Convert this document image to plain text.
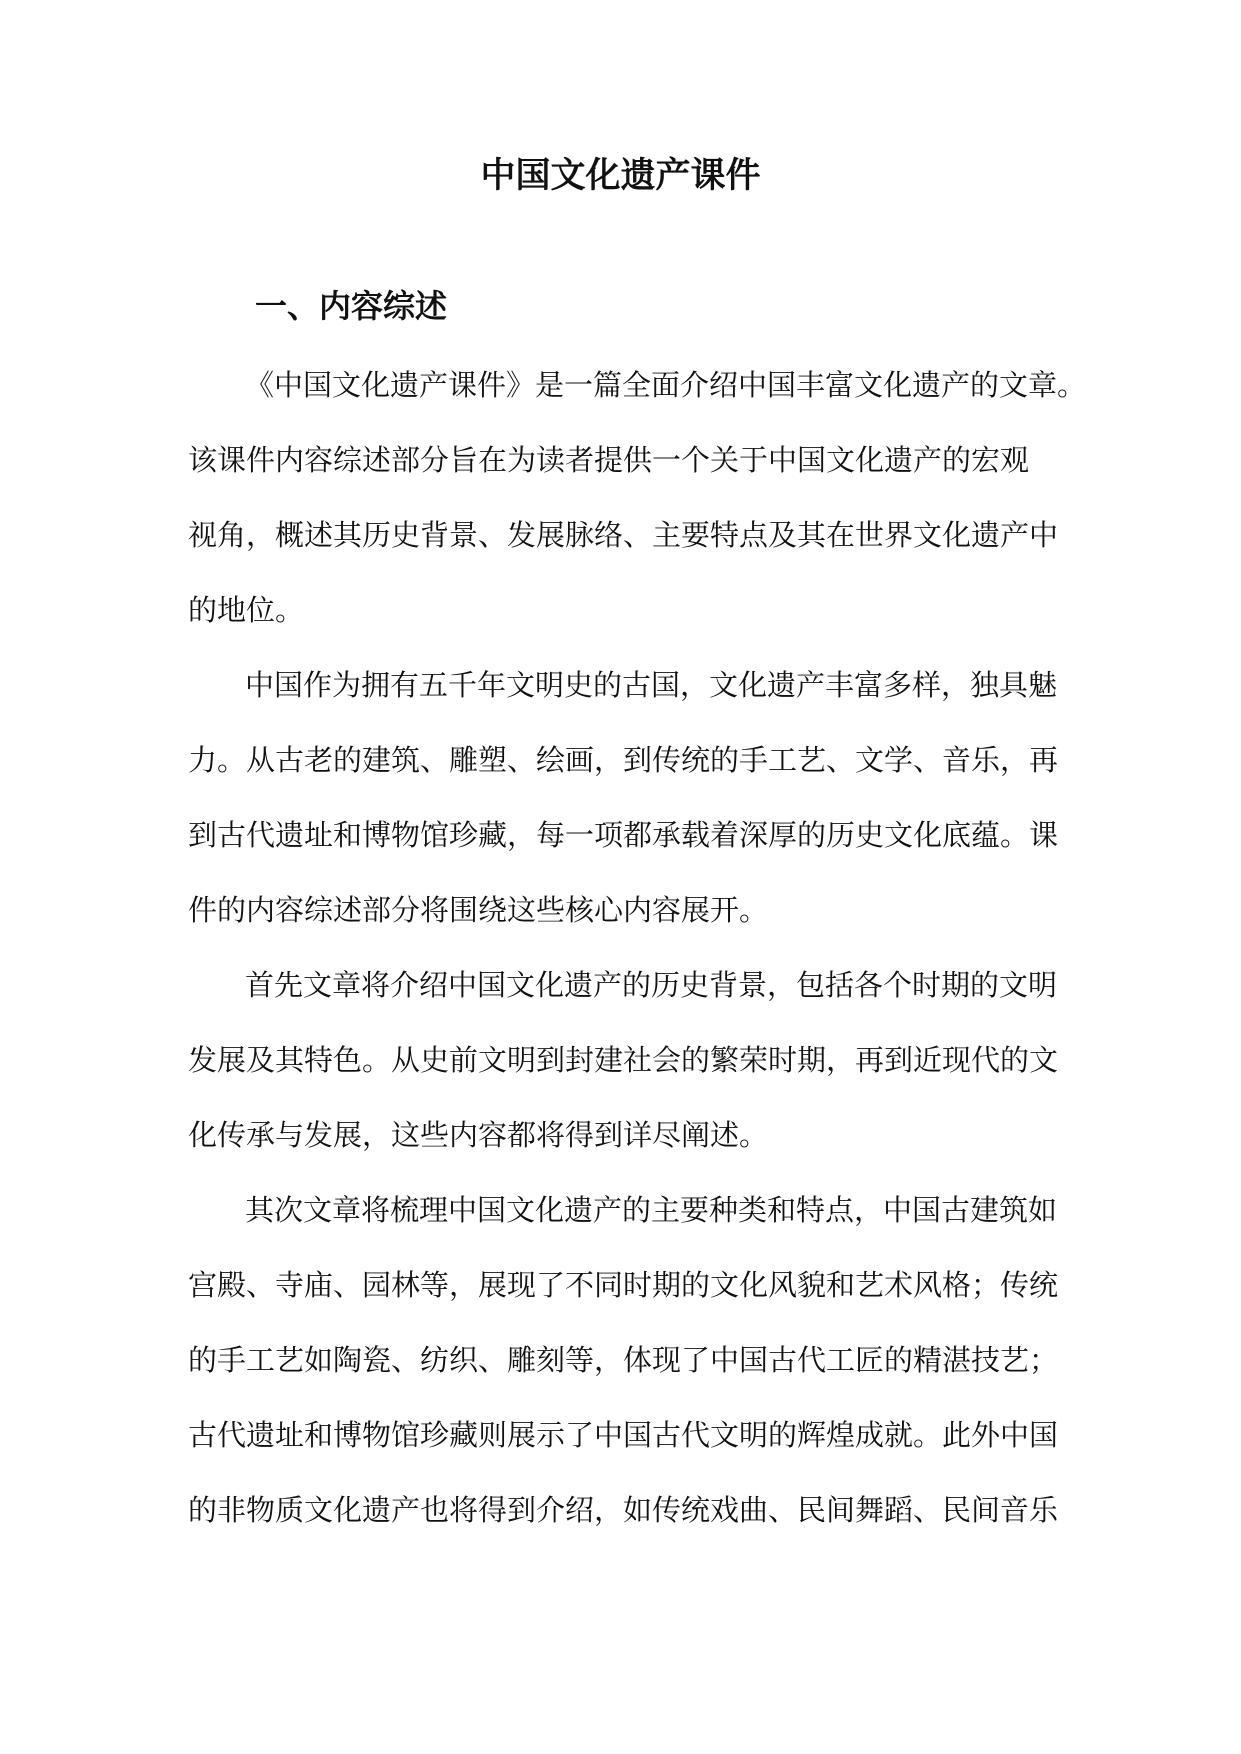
中国文化遗产课件
一、内容综述

《中国文化遗产课件》是一篇全面介绍中国丰富文化遗产的文章。

该课件内容综述部分旨在为读者提供一个关于中国文化遗产的宏观

视角，概述其历史背景、发展脉络、主要特点及其在世界文化遗产中

的地位。

中国作为拥有五千年文明史的古国，文化遗产丰富多样，独具魅

力。从古老的建筑、雕塑、绘画，到传统的手工艺、文学、音乐，再

到古代遗址和博物馆珍藏，每一项都承载着深厚的历史文化底蕴。课

件的内容综述部分将围绕这些核心内容展开。

首先文章将介绍中国文化遗产的历史背景，包括各个时期的文明

发展及其特色。从史前文明到封建社会的繁荣时期，再到近现代的文

化传承与发展，这些内容都将得到详尽阐述。

其次文章将梳理中国文化遗产的主要种类和特点，中国古建筑如

宫殿、寺庙、园林等，展现了不同时期的文化风貌和艺术风格；传统

的手工艺如陶瓷、纺织、雕刻等，体现了中国古代工匠的精湛技艺；

古代遗址和博物馆珍藏则展示了中国古代文明的辉煌成就。此外中国

的非物质文化遗产也将得到介绍，如传统戏曲、民间舞蹈、民间音乐
